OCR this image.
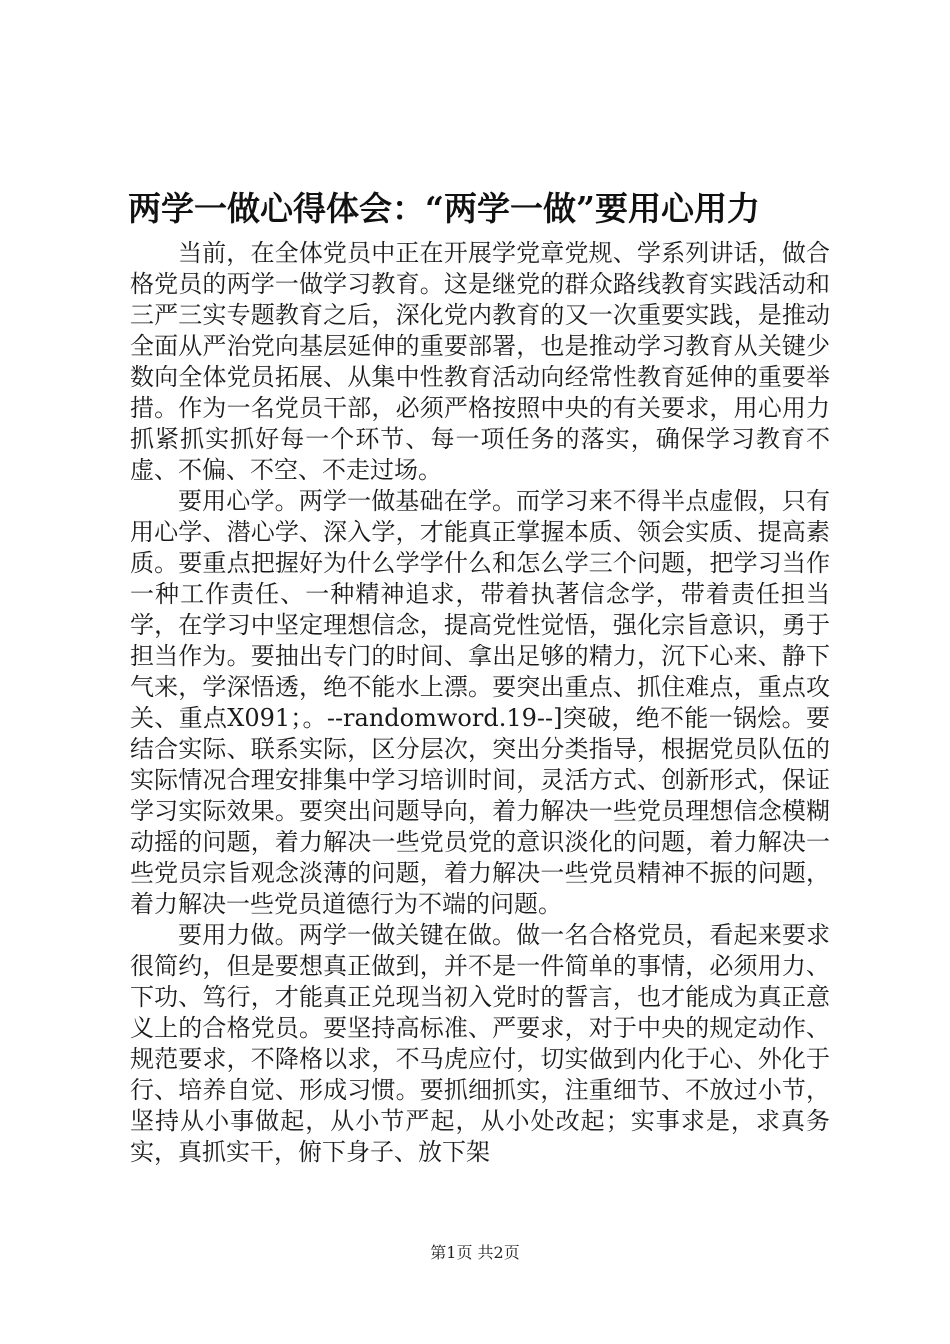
两学一做心得体会：“两学一做”要用心用力

当前，在全体党员中正在开展学党章党规、学系列讲话，做合格党员的两学一做学习教育。这是继党的群众路线教育实践活动和三严三实专题教育之后，深化党内教育的又一次重要实践，是推动全面从严治党向基层延伸的重要部署，也是推动学习教育从关键少数向全体党员拓展、从集中性教育活动向经常性教育延伸的重要举措。作为一名党员干部，必须严格按照中央的有关要求，用心用力抓紧抓实抓好每一个环节、每一项任务的落实，确保学习教育不虚、不偏、不空、不走过场。

要用心学。两学一做基础在学。而学习来不得半点虚假，只有用心学、潜心学、深入学，才能真正掌握本质、领会实质、提高素质。要重点把握好为什么学学什么和怎么学三个问题，把学习当作一种工作责任、一种精神追求，带着执著信念学，带着责任担当学，在学习中坚定理想信念，提高党性觉悟，强化宗旨意识，勇于担当作为。要抽出专门的时间、拿出足够的精力，沉下心来、静下气来，学深悟透，绝不能水上漂。要突出重点、抓住难点，重点攻关、重点X091；。--randomword.19--]突破，绝不能一锅烩。要结合实际、联系实际，区分层次，突出分类指导，根据党员队伍的实际情况合理安排集中学习培训时间，灵活方式、创新形式，保证学习实际效果。要突出问题导向，着力解决一些党员理想信念模糊动摇的问题，着力解决一些党员党的意识淡化的问题，着力解决一些党员宗旨观念淡薄的问题，着力解决一些党员精神不振的问题，着力解决一些党员道德行为不端的问题。

要用力做。两学一做关键在做。做一名合格党员，看起来要求很简约，但是要想真正做到，并不是一件简单的事情，必须用力、下功、笃行，才能真正兑现当初入党时的誓言，也才能成为真正意义上的合格党员。要坚持高标准、严要求，对于中央的规定动作、规范要求，不降格以求，不马虎应付，切实做到内化于心、外化于行、培养自觉、形成习惯。要抓细抓实，注重细节、不放过小节，坚持从小事做起，从小节严起，从小处改起；实事求是，求真务实，真抓实干，俯下身子、放下架

第1页 共2页
